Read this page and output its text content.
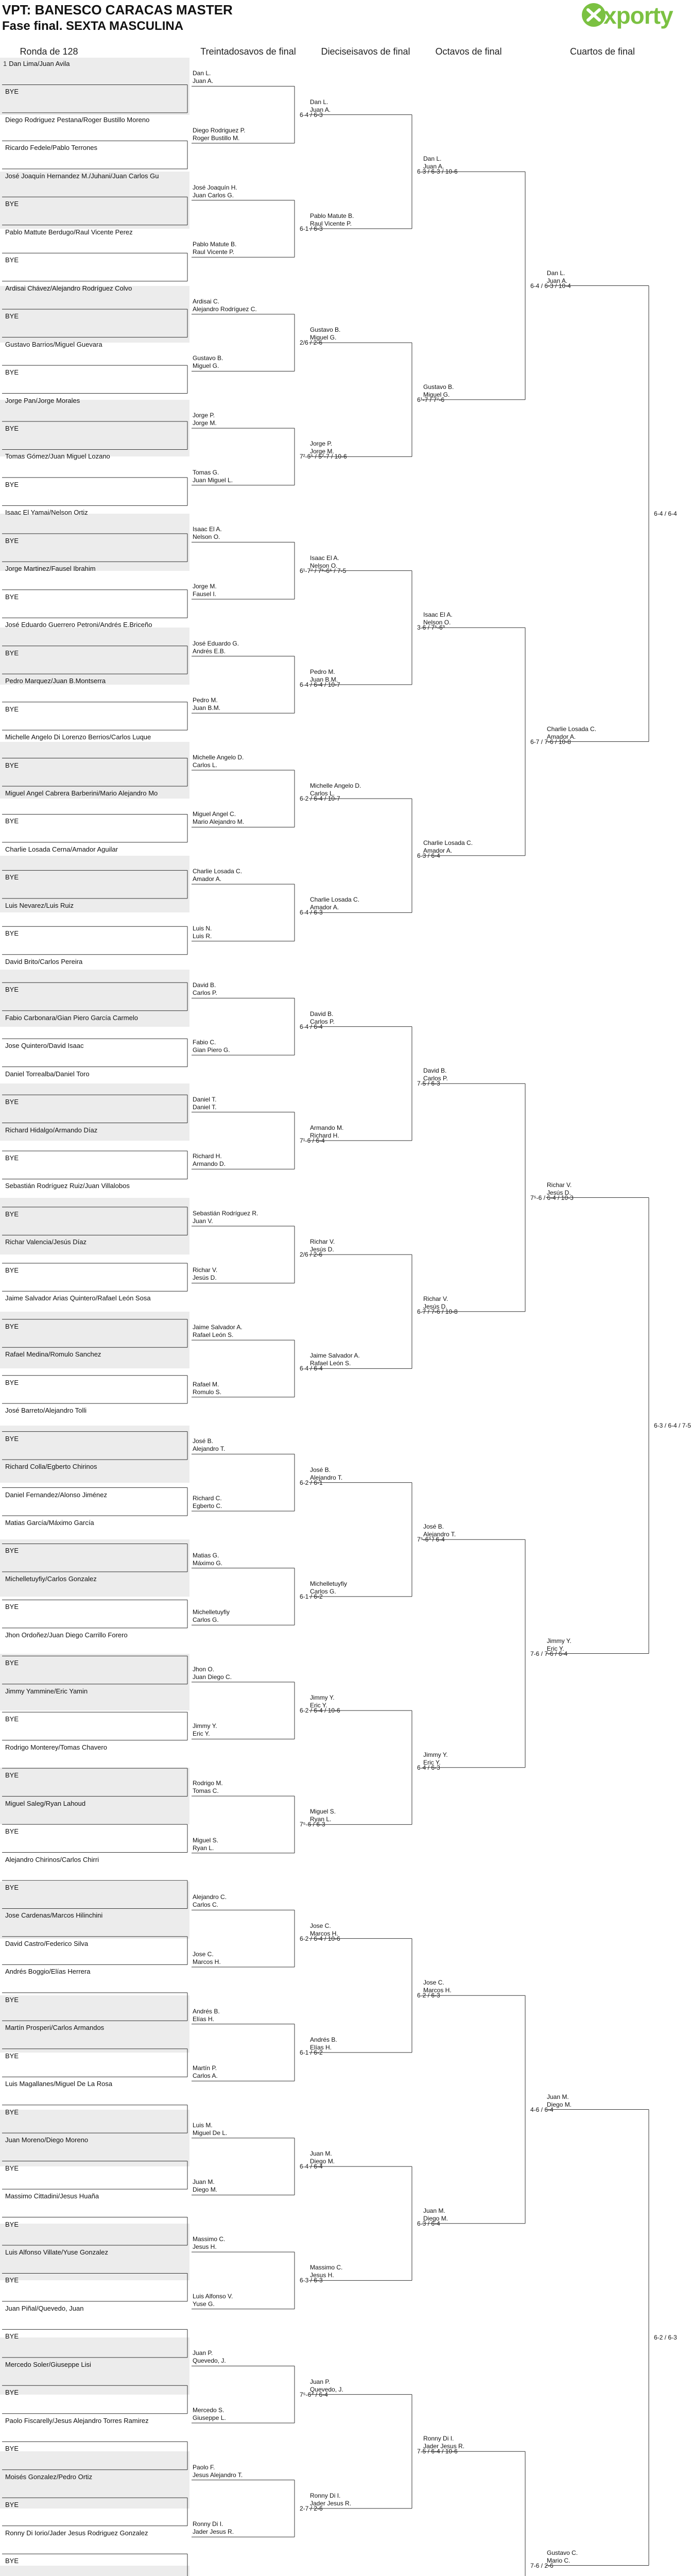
VPT: BANESCO CARACAS MASTER
Fase final. SEXTA MASCULINA	xporty
Ronda de 128	Treintadosavos de final	Dieciseisavos de final	Octavos de final	Cuartos de final
1 Dan Lima/Juan Avila
BYE
Diego Rodriguez Pestana/Roger Bustillo Moreno
Ricardo Fedele/Pablo Terrones
José Joaquín Hernandez M./Juhani/Juan Carlos Gu
BYE
Pablo Mattute Berdugo/Raul Vicente Perez
BYE
Ardisai Chávez/Alejandro Rodríguez Colvo
BYE
Gustavo Barrios/Miguel Guevara
BYE
Jorge Pan/Jorge Morales
BYE
Tomas Gómez/Juan Miguel Lozano
BYE
Isaac El Yamai/Nelson Ortiz
BYE
Jorge Martinez/Fausel Ibrahim
BYE
José Eduardo Guerrero Petroni/Andrés E.Briceño
BYE
Pedro Marquez/Juan B.Montserra
BYE
Michelle Angelo Di Lorenzo Berrios/Carlos Luque
BYE
Miguel Angel Cabrera Barberini/Mario Alejandro Mo
BYE
Charlie Losada Cerna/Amador Aguilar
BYE
Luis Nevarez/Luis Ruiz
BYE
David Brito/Carlos Pereira
BYE
Fabio Carbonara/Gian Piero García Carmelo
Jose Quintero/David Isaac
Daniel Torrealba/Daniel Toro
BYE
Richard Hidalgo/Armando Díaz
BYE
Sebastián Rodríguez Ruiz/Juan Villalobos
BYE
Richar Valencia/Jesús Díaz
BYE
Jaime Salvador Arias Quintero/Rafael León Sosa
BYE
Rafael Medina/Romulo Sanchez
BYE
José Barreto/Alejandro Tolli
BYE
Richard Colla/Egberto Chirinos
Daniel Fernandez/Alonso Jiménez
Matias García/Máximo García
BYE
Michelletuyfiy/Carlos Gonzalez
BYE
Jhon Ordoñez/Juan Diego Carrillo Forero
BYE
Jimmy Yammine/Eric Yamin
BYE
Rodrigo Monterey/Tomas Chavero
BYE
Miguel Saleg/Ryan Lahoud
BYE
Alejandro Chirinos/Carlos Chirri
BYE
Jose Cardenas/Marcos Hilinchini
David Castro/Federico Silva
Andrés Boggio/Elías Herrera
BYE
Martín Prosperi/Carlos Armandos
BYE
Luis Magallanes/Miguel De La Rosa
BYE
Juan Moreno/Diego Moreno
BYE
Massimo Cittadini/Jesus Huaña
BYE
Luis Alfonso Villate/Yuse Gonzalez
BYE
Juan Piñal/Quevedo, Juan
BYE
Mercedo Soler/Giuseppe Lisi
BYE
Paolo Fiscarelly/Jesus Alejandro Torres Ramirez
BYE
Moisés Gonzalez/Pedro Ortiz
BYE
Ronny Di Iorio/Jader Jesus Rodriguez Gonzalez
BYE
Dan L.
Juan A.
Diego Rodriguez P.
Roger Bustillo M.
José Joaquín H.
Juan Carlos G.
Pablo Matute B.
Raul Vicente P.
Ardisai C.
Alejandro Rodríguez C.
Gustavo B.
Miguel G.
Jorge P.
Jorge M.
Tomas G.
Juan Miguel L.
Isaac El A.
Nelson O.
Jorge M.
Fausel I.
José Eduardo G.
Andrés E.B.
Pedro M.
Juan B.M.
Michelle Angelo D.
Carlos L.
Miguel Angel C.
Mario Alejandro M.
Charlie Losada C.
Amador A.
Luis N.
Luis R.
David B.
Carlos P.
Fabio C.
Gian Piero G.
Daniel T.
Daniel T.
Richard H.
Armando D.
Sebastián Rodríguez R.
Juan V.
Richar V.
Jesús D.
Jaime Salvador A.
Rafael León S.
Rafael M.
Romulo S.
José B.
Alejandro T.
Richard C.
Egberto C.
Matias G.
Máximo G.
Michelletuyfiy
Carlos G.
Jhon O.
Juan Diego C.
Jimmy Y.
Eric Y.
Rodrigo M.
Tomas C.
Miguel S.
Ryan L.
Alejandro C.
Carlos C.
Jose C.
Marcos H.
Andrés B.
Elías H.
Martín P.
Carlos A.
Luis M.
Miguel De L.
Juan M.
Diego M.
Massimo C.
Jesus H.
Luis Alfonso V.
Yuse G.
Juan P.
Quevedo, J.
Mercedo S.
Giuseppe L.
Paolo F.
Jesus Alejandro T.
Ronny Di I.
Jader Jesus R.
6-4 / 6-3
6-1 / 6-3
2/6 / 2-6
7²-6⁵ / 5²-7 / 10-6
6¹-7⁷ / 7⁵-6⁵ / 7-5
6-4 / 6-4 / 10-7
6-2 / 6-4 / 10-7
6-4 / 6-3
6-4 / 6-4
7¹-6 / 6-4
2/6 / 2-6
6-4 / 6-4
6-2 / 6-1
6-1 / 6-2
6-2 / 6-4 / 10-6
7⁵-6 / 6-3
6-2 / 6-4 / 10-6
6-1 / 6-2
6-4 / 6-4
6-3 / 6-3
7⁵-6⁴ / 6-4
2-7 / 2-6
Dan L.
Juan A.
Pablo Matute B.
Raul Vicente P.
Gustavo B.
Miguel G.
Jorge P.
Jorge M.
Isaac El A.
Nelson O.
Pedro M.
Juan B.M.
Michelle Angelo D.
Carlos L.
Charlie Losada C.
Amador A.
David B.
Carlos P.
Armando M.
Richard H.
Richar V.
Jesús D.
Jaime Salvador A.
Rafael León S.
José B.
Alejandro T.
Michelletuyfiy
Carlos G.
Jimmy Y.
Eric Y.
Miguel S.
Ryan L.
Jose C.
Marcos H.
Andrés B.
Elías H.
Juan M.
Diego M.
Massimo C.
Jesus H.
Juan P.
Quevedo, J.
Ronny Di I.
Jader Jesus R.
6-3 / 6-3 / 10-6
6¹-7 / 7⁷-6
3-6 / 7⁵-6³
6-3 / 6-4
7-5 / 6-3
6-7 / 7-6 / 10-8
7⁵-6³ / 6-4
6-4 / 6-3
6-2 / 6-3
6-3 / 6-4
7-5 / 6-4 / 10-6
Dan L.
Juan A.
Gustavo B.
Miguel G.
Isaac El A.
Nelson O.
Charlie Losada C.
Amador A.
David B.
Carlos P.
Richar V.
Jesús D.
José B.
Alejandro T.
Jimmy Y.
Eric Y.
Jose C.
Marcos H.
Juan M.
Diego M.
Ronny Di I.
Jader Jesus R.
6-4 / 6-3 / 10-4
6-7 / 7-6 / 10-8
7⁵-6 / 6-4 / 10-3
7-6 / 7-6 / 6-4
4-6 / 6-4
7-6 / 2-6
Dan L.
Juan A.
Charlie Losada C.
Amador A.
Richar V.
Jesús D.
Jimmy Y.
Eric Y.
Juan M.
Diego M.
Gustavo C.
Mario C.
6-4 / 6-4
6-3 / 6-4 / 7-5
6-2 / 6-3
